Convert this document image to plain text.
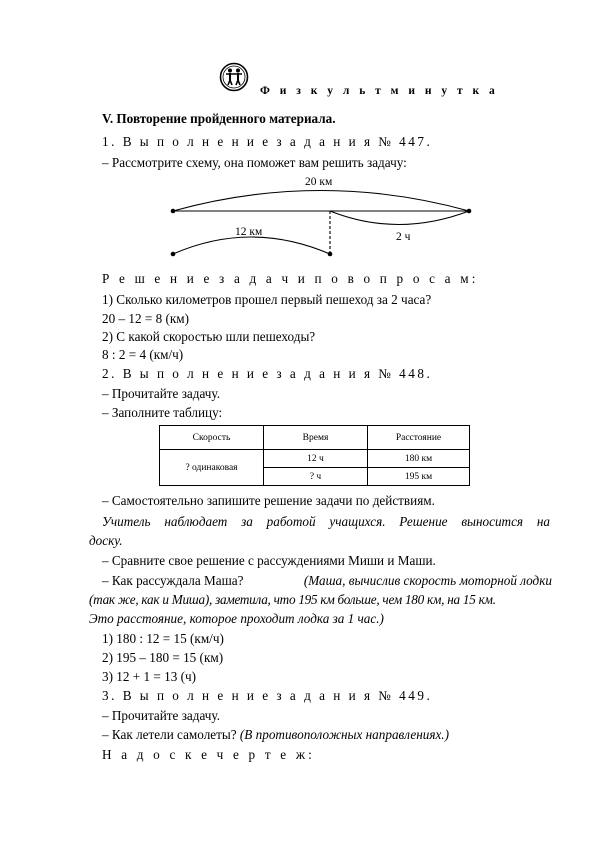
Ф и з к у л ь т м и н у т к а
V. Повторение пройденного материала.
1. В ы п о л н е н и е з а д а н и я № 447.
– Рассмотрите схему, она поможет вам решить задачу:
20 км
12 км	2 ч
Р е ш е н и е з а д а ч и п о в о п р о с а м:
1) Сколько километров прошел первый пешеход за 2 часа?
20 – 12 = 8 (км)
2) С какой скоростью шли пешеходы?
8 : 2 = 4 (км/ч)
2. В ы п о л н е н и е з а д а н и я № 448.
– Прочитайте задачу.
– Заполните таблицу:
Скорость	Время	Расстояние
? одинаковая	12 ч	180 км
	? ч	195 км
– Самостоятельно запишите решение задачи по действиям.
Учитель наблюдает за работой учащихся. Решение выносится на
доску.
– Сравните свое решение с рассуждениями Миши и Маши.
– Как рассуждала Маша?	(Маша, вычислив скорость моторной лодки
(так же, как и Миша), заметила, что 195 км больше, чем 180 км, на 15 км.
Это расстояние, которое проходит лодка за 1 час.)
1) 180 : 12 = 15 (км/ч)
2) 195 – 180 = 15 (км)
3) 12 + 1 = 13 (ч)
3. В ы п о л н е н и е з а д а н и я № 449.
– Прочитайте задачу.
– Как летели самолеты? (В противоположных направлениях.)
Н а д о с к е ч е р т е ж:
